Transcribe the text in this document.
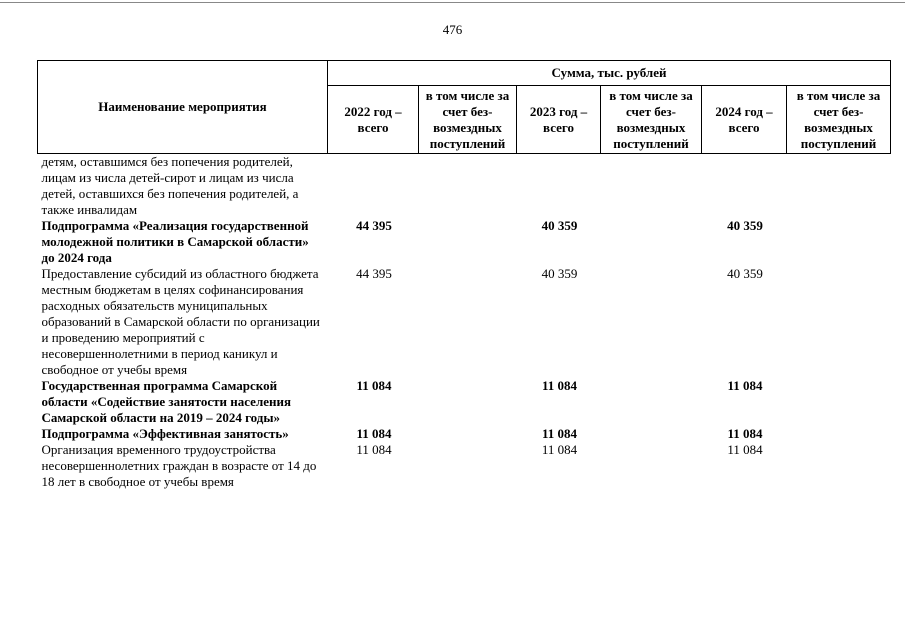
476
Наименование мероприятия	Сумма, тыс. рублей					
	2022 год – всего	в том числе за счет без-возмездных поступлений	2023 год – всего	в том числе за счет без-возмездных поступлений	2024 год – всего	в том числе за счет без-возмездных поступлений
детям, оставшимся без попечения родителей, лицам из числа детей-сирот и лицам из числа детей, оставшихся без попечения родителей, а также инвалидам						
Подпрограмма «Реализация государственной молодежной политики в Самарской области» до 2024 года	44 395		40 359		40 359	
Предоставление субсидий из областного бюджета местным бюджетам в целях софинансирования расходных обязательств муниципальных образований в Самарской области по организации и проведению мероприятий с несовершеннолетними в период каникул и свободное от учебы время	44 395		40 359		40 359	
Государственная программа Самарской области «Содействие занятости населения Самарской области на 2019 – 2024 годы»	11 084		11 084		11 084	
Подпрограмма «Эффективная занятость»	11 084		11 084		11 084	
Организация временного трудоустройства несовершеннолетних граждан в возрасте от 14 до 18 лет в свободное от учебы время	11 084		11 084		11 084	
